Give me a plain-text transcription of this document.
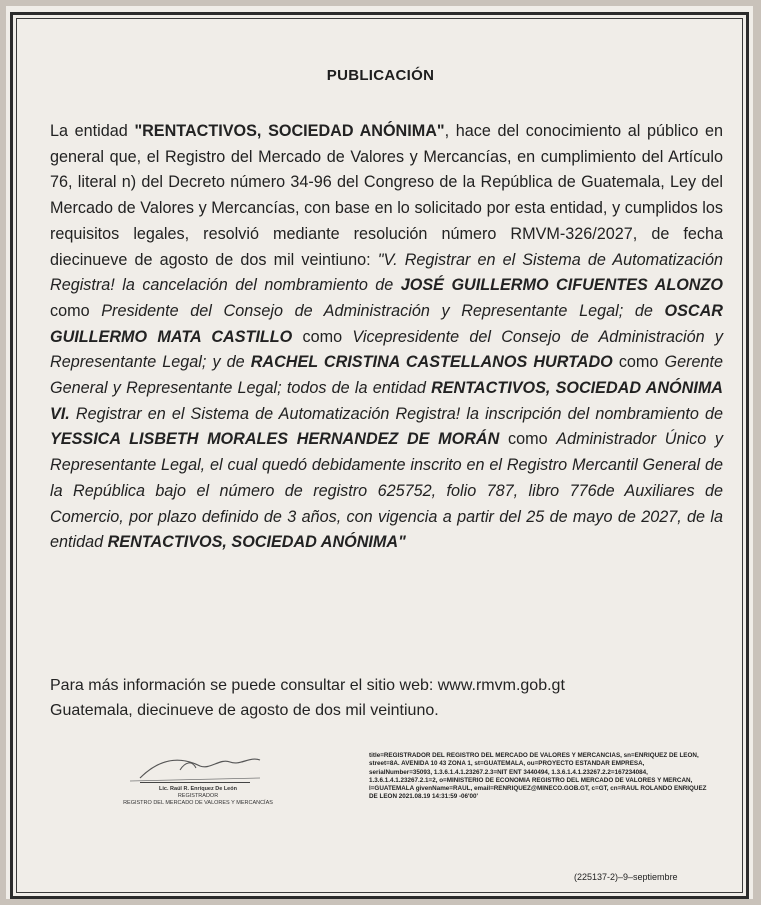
PUBLICACIÓN
La entidad "RENTACTIVOS, SOCIEDAD ANÓNIMA", hace del conocimiento al público en general que, el Registro del Mercado de Valores y Mercancías, en cumplimiento del Artículo 76, literal n) del Decreto número 34-96 del Congreso de la República de Guatemala, Ley del Mercado de Valores y Mercancías, con base en lo solicitado por esta entidad, y cumplidos los requisitos legales, resolvió mediante resolución número RMVM-326/2027, de fecha diecinueve de agosto de dos mil veintiuno: "V. Registrar en el Sistema de Automatización Registra! la cancelación del nombramiento de JOSÉ GUILLERMO CIFUENTES ALONZO como Presidente del Consejo de Administración y Representante Legal; de OSCAR GUILLERMO MATA CASTILLO como Vicepresidente del Consejo de Administración y Representante Legal; y de RACHEL CRISTINA CASTELLANOS HURTADO como Gerente General y Representante Legal; todos de la entidad RENTACTIVOS, SOCIEDAD ANÓNIMA VI. Registrar en el Sistema de Automatización Registra! la inscripción del nombramiento de YESSICA LISBETH MORALES HERNANDEZ DE MORÁN como Administrador Único y Representante Legal, el cual quedó debidamente inscrito en el Registro Mercantil General de la República bajo el número de registro 625752, folio 787, libro 776de Auxiliares de Comercio, por plazo definido de 3 años, con vigencia a partir del 25 de mayo de 2027, de la entidad RENTACTIVOS, SOCIEDAD ANÓNIMA"
Para más información se puede consultar el sitio web: www.rmvm.gob.gt
Guatemala, diecinueve de agosto de dos mil veintiuno.
Lic. Raúl R. Enríquez De León
REGISTRADOR
REGISTRO DEL MERCADO DE VALORES Y MERCANCÍAS
title=REGISTRADOR DEL REGISTRO DEL MERCADO DE VALORES Y MERCANCIAS, sn=ENRIQUEZ DE LEON, street=8A. AVENIDA 10 43 ZONA 1, st=GUATEMALA, ou=PROYECTO ESTANDAR EMPRESA, serialNumber=35093, 1.3.6.1.4.1.23267.2.3=NIT ENT 3440494, 1.3.6.1.4.1.23267.2.2=167234084, 1.3.6.1.4.1.23267.2.1=2, o=MINISTERIO DE ECONOMIA REGISTRO DEL MERCADO DE VALORES Y MERCAN, l=GUATEMALA givenName=RAUL, email=RENRIQUEZ@MINECO.GOB.GT, c=GT, cn=RAUL ROLANDO ENRIQUEZ DE LEON 2021.08.19 14:31:59 -06'00'
(225137-2)–9–septiembre
